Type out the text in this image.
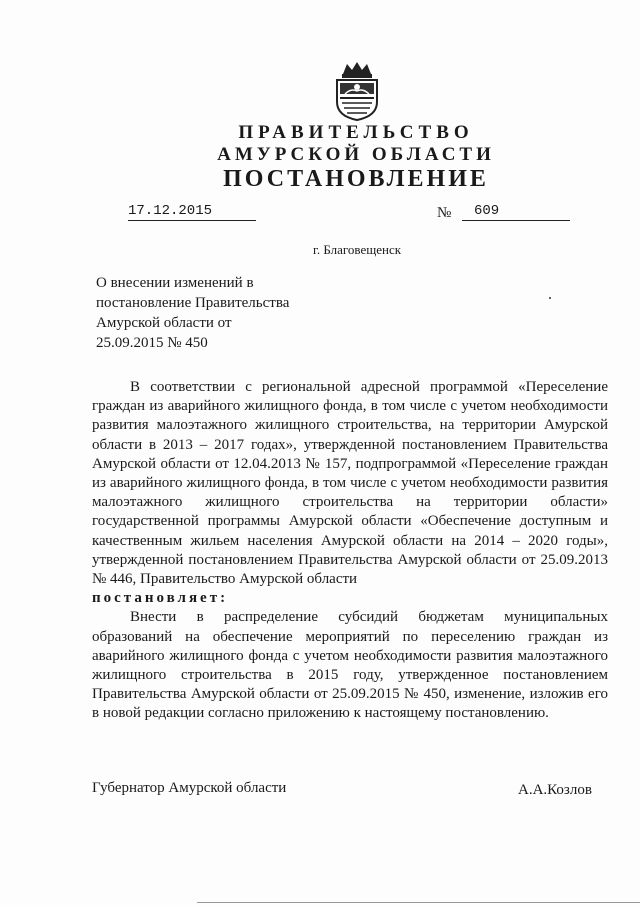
ПРАВИТЕЛЬСТВО
АМУРСКОЙ ОБЛАСТИ
ПОСТАНОВЛЕНИЕ
17.12.2015	№	609
г. Благовещенск
О внесении изменений в
постановление Правительства
Амурской области от
25.09.2015 № 450

В соответствии с региональной адресной программой «Переселение граждан из аварийного жилищного фонда, в том числе с учетом необходимости развития малоэтажного жилищного строительства, на территории Амурской области в 2013 – 2017 годах», утвержденной постановлением Правительства Амурской области от 12.04.2013 № 157, подпрограммой «Переселение граждан из аварийного жилищного фонда, в том числе с учетом необходимости развития малоэтажного жилищного строительства на территории области» государственной программы Амурской области «Обеспечение доступным и качественным жильем населения Амурской области на 2014 – 2020 годы», утвержденной постановлением Правительства Амурской области от 25.09.2013 № 446, Правительство Амурской области

постановляет:

Внести в распределение субсидий бюджетам муниципальных образований на обеспечение мероприятий по переселению граждан из аварийного жилищного фонда с учетом необходимости развития малоэтажного жилищного строительства в 2015 году, утвержденное постановлением Правительства Амурской области от 25.09.2015 № 450, изменение, изложив его в новой редакции согласно приложению к настоящему постановлению.

Губернатор Амурской области	А.А.Козлов
